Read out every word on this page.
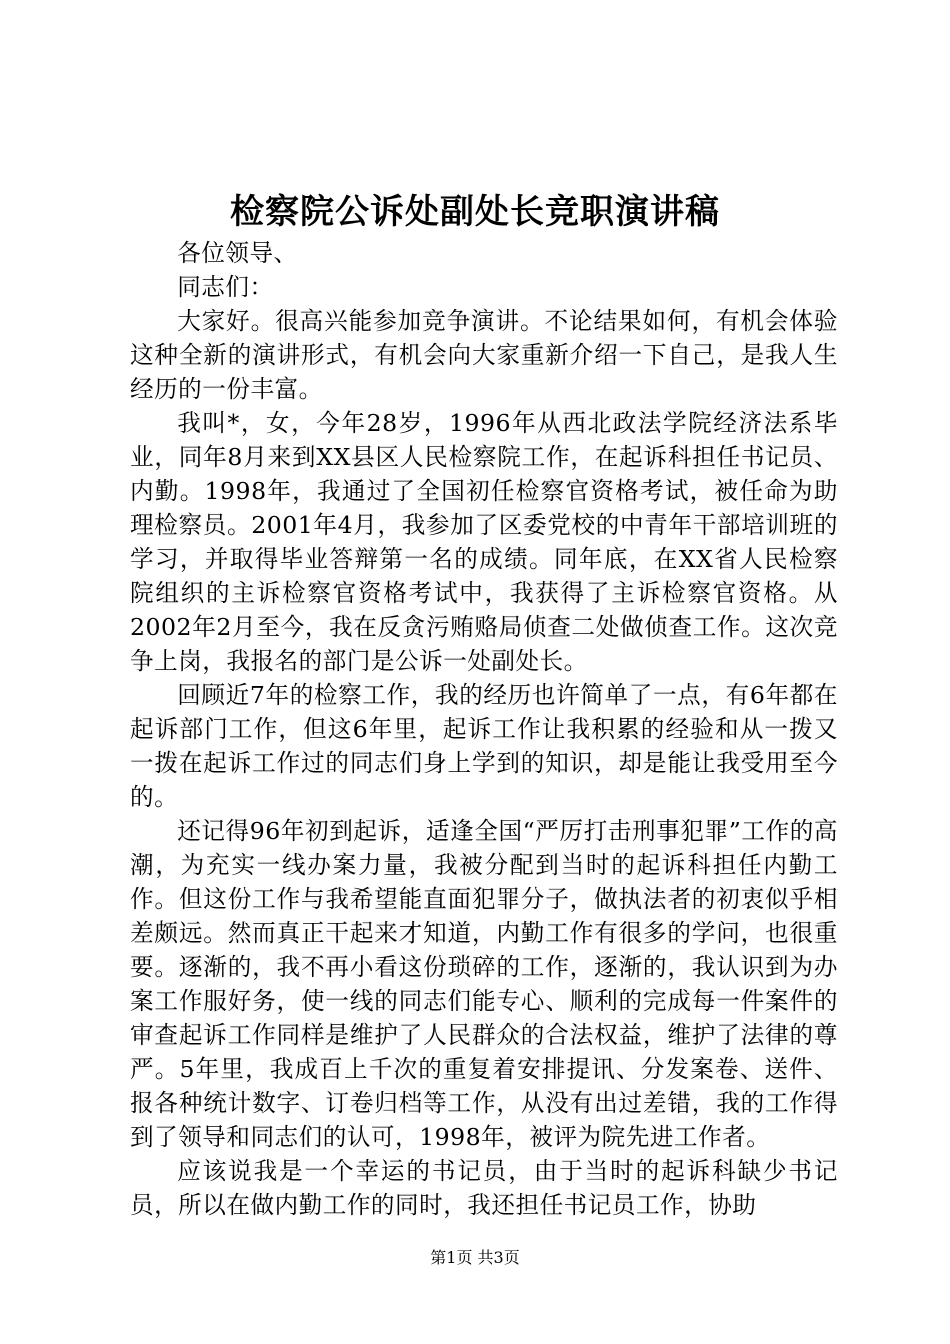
检察院公诉处副处长竞职演讲稿

各位领导、

同志们：

大家好。很高兴能参加竞争演讲。不论结果如何，有机会体验这种全新的演讲形式，有机会向大家重新介绍一下自己，是我人生经历的一份丰富。

我叫*，女，今年28岁，1996年从西北政法学院经济法系毕业，同年8月来到XX县区人民检察院工作，在起诉科担任书记员、内勤。1998年，我通过了全国初任检察官资格考试，被任命为助理检察员。2001年4月，我参加了区委党校的中青年干部培训班的学习，并取得毕业答辩第一名的成绩。同年底，在XX省人民检察院组织的主诉检察官资格考试中，我获得了主诉检察官资格。从2002年2月至今，我在反贪污贿赂局侦查二处做侦查工作。这次竞争上岗，我报名的部门是公诉一处副处长。

回顾近7年的检察工作，我的经历也许简单了一点，有6年都在起诉部门工作，但这6年里，起诉工作让我积累的经验和从一拨又一拨在起诉工作过的同志们身上学到的知识，却是能让我受用至今的。

还记得96年初到起诉，适逢全国“严厉打击刑事犯罪”工作的高潮，为充实一线办案力量，我被分配到当时的起诉科担任内勤工作。但这份工作与我希望能直面犯罪分子，做执法者的初衷似乎相差颇远。然而真正干起来才知道，内勤工作有很多的学问，也很重要。逐渐的，我不再小看这份琐碎的工作，逐渐的，我认识到为办案工作服好务，使一线的同志们能专心、顺利的完成每一件案件的审查起诉工作同样是维护了人民群众的合法权益，维护了法律的尊严。5年里，我成百上千次的重复着安排提讯、分发案卷、送件、报各种统计数字、订卷归档等工作，从没有出过差错，我的工作得到了领导和同志们的认可，1998年，被评为院先进工作者。

应该说我是一个幸运的书记员，由于当时的起诉科缺少书记员，所以在做内勤工作的同时，我还担任书记员工作，协助

第1页 共3页
